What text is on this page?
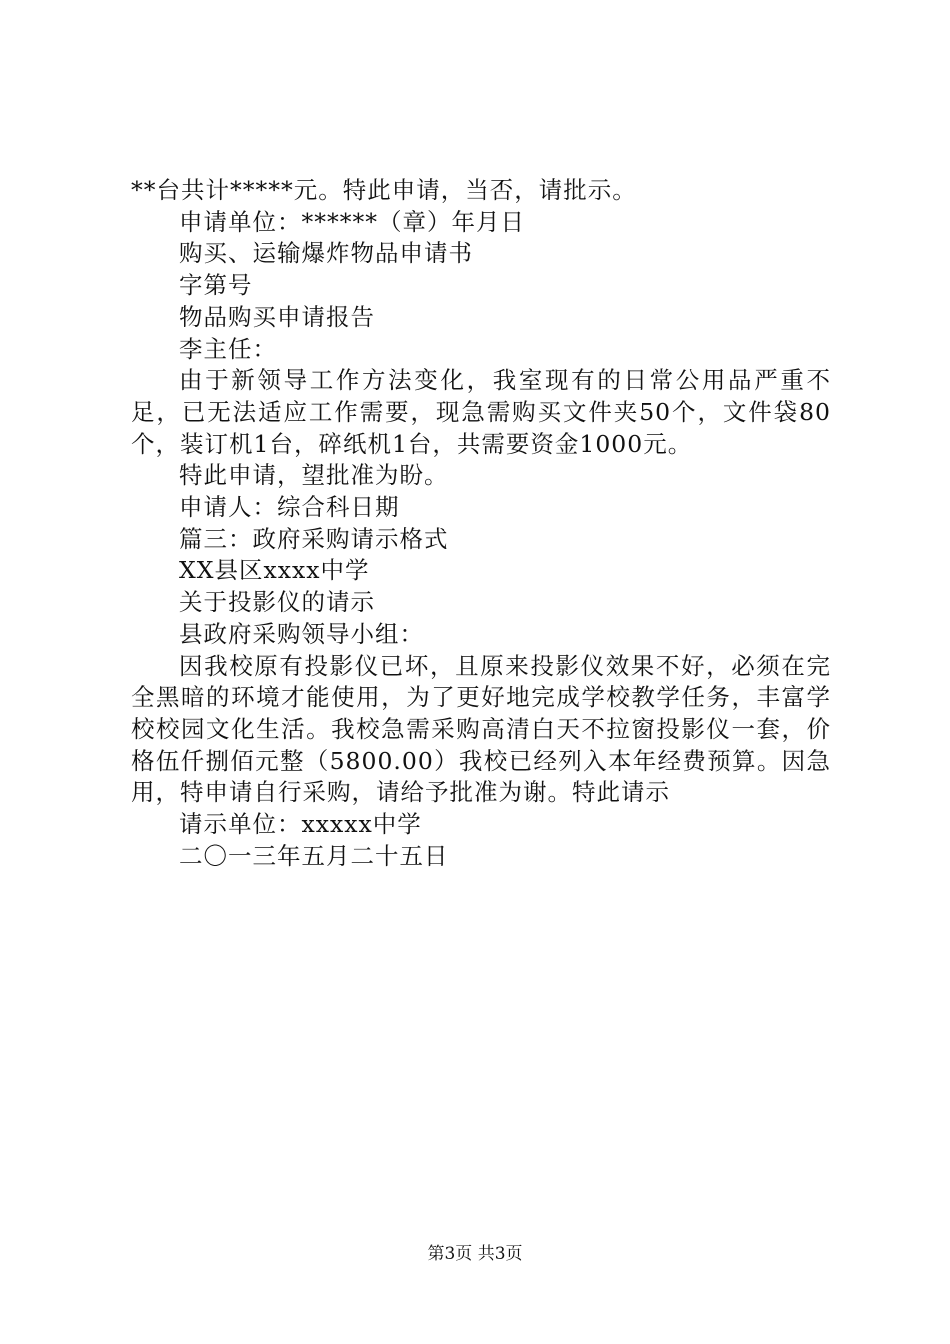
**台共计*****元。特此申请，当否，请批示。
申请单位：******（章）年月日
购买、运输爆炸物品申请书
字第号
物品购买申请报告
李主任：
由于新领导工作方法变化，我室现有的日常公用品严重不足，已无法适应工作需要，现急需购买文件夹50个，文件袋80个，装订机1台，碎纸机1台，共需要资金1000元。
特此申请，望批准为盼。
申请人：综合科日期
篇三：政府采购请示格式
XX县区xxxx中学
关于投影仪的请示
县政府采购领导小组：
因我校原有投影仪已坏，且原来投影仪效果不好，必须在完全黑暗的环境才能使用，为了更好地完成学校教学任务，丰富学校校园文化生活。我校急需采购高清白天不拉窗投影仪一套，价格伍仟捌佰元整（5800.00）我校已经列入本年经费预算。因急用，特申请自行采购，请给予批准为谢。特此请示
请示单位：xxxxx中学
二〇一三年五月二十五日
第3页 共3页
